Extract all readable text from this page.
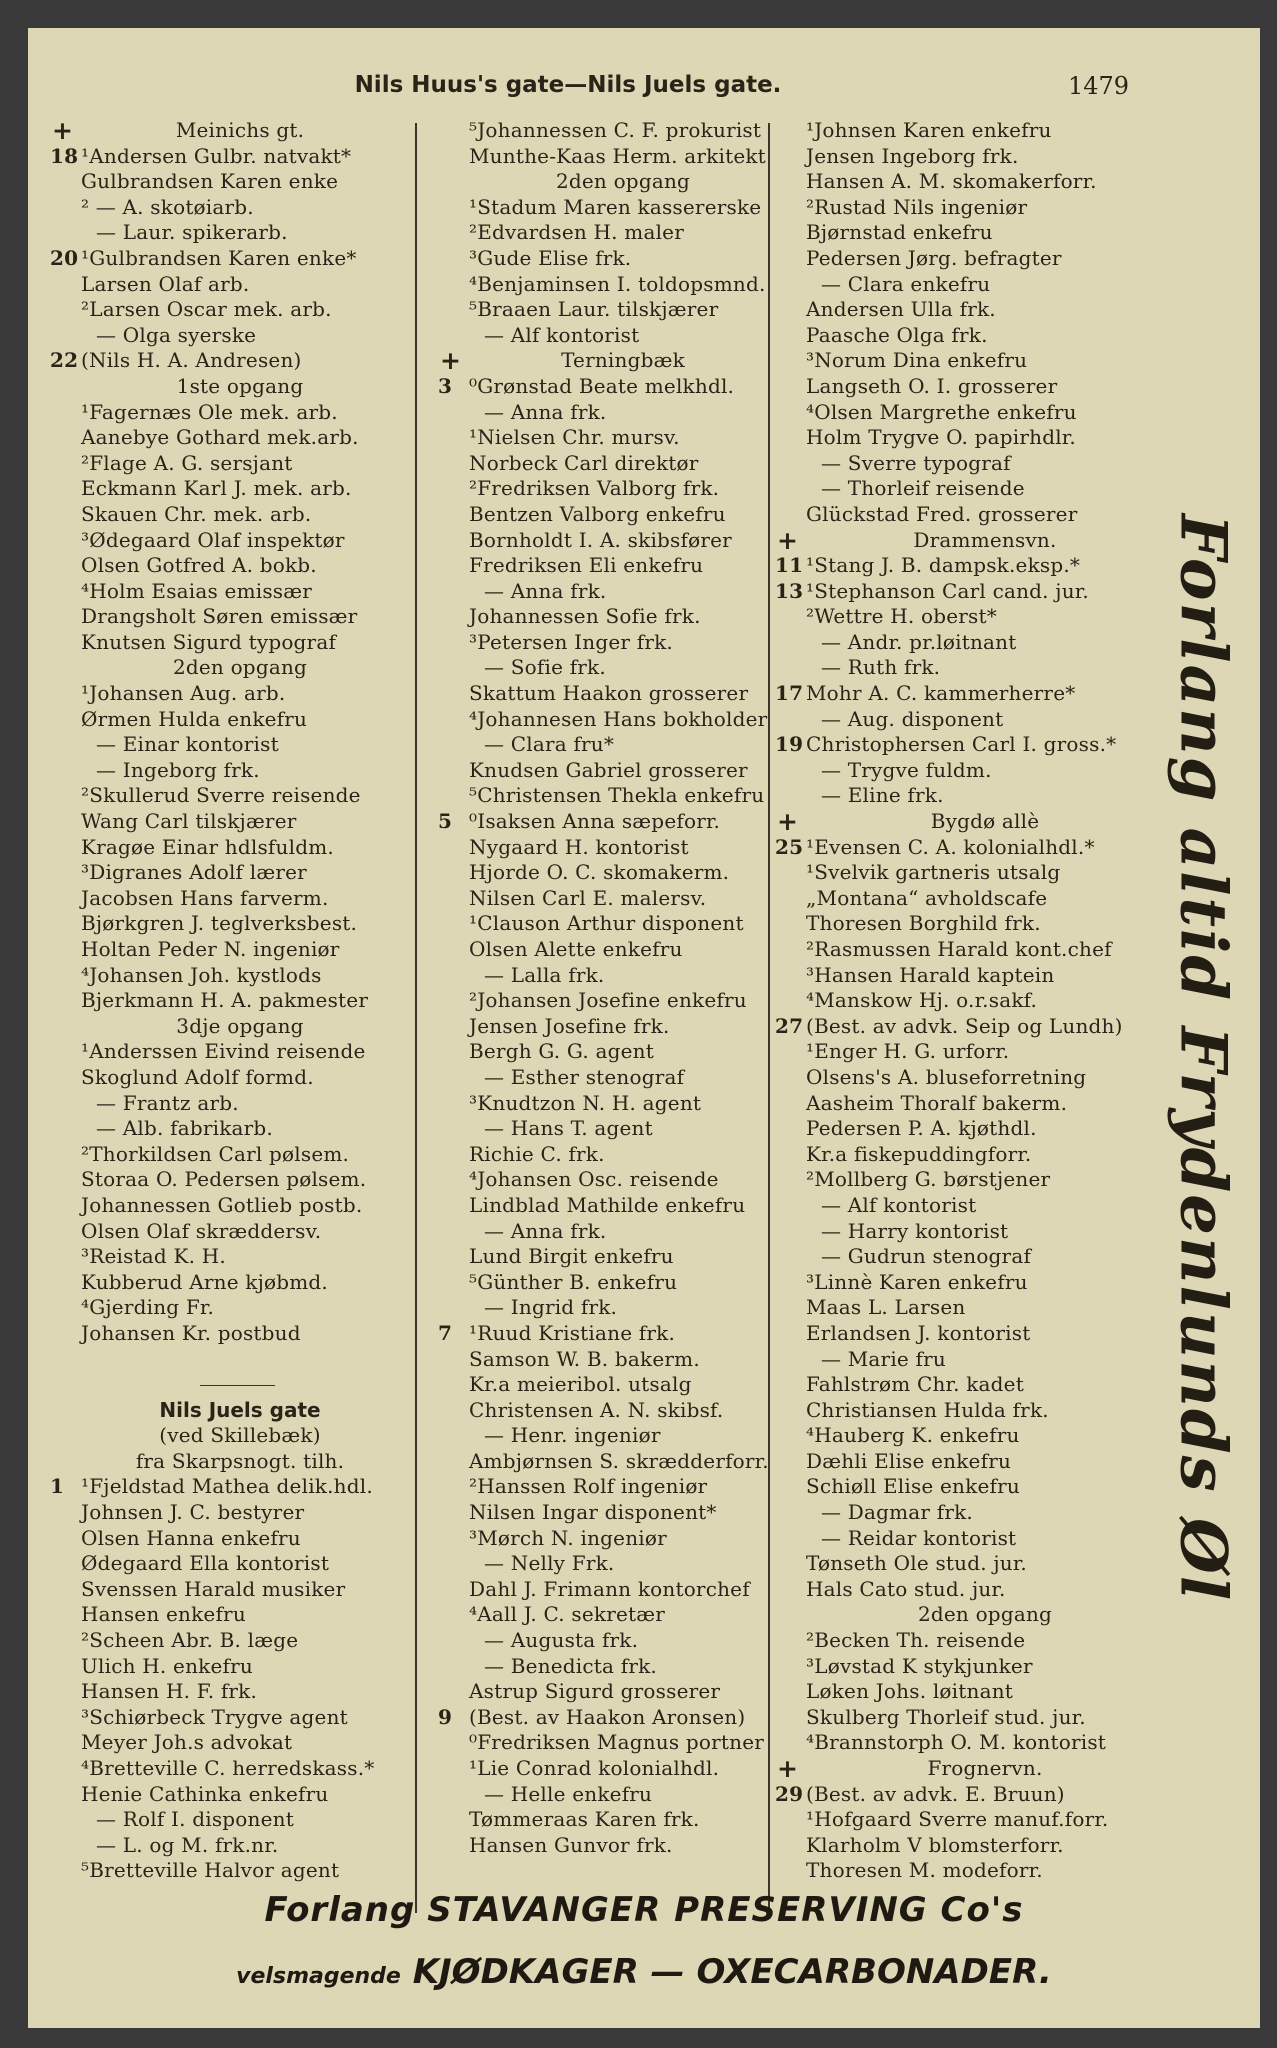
Nils Huus's gate—Nils Juels gate.	1479
+	Meinichs gt.
18 ¹Andersen Gulbr. natvakt*
Gulbrandsen Karen enke
² — A. skotøiarb.
— Laur. spikerarb.
20 ¹Gulbrandsen Karen enke*
Larsen Olaf arb.
²Larsen Oscar mek. arb.
— Olga syerske
22 (Nils H. A. Andresen)
1ste opgang
¹Fagernæs Ole mek. arb.
Aanebye Gothard mek.arb.
²Flage A. G. sersjant
Eckmann Karl J. mek. arb.
Skauen Chr. mek. arb.
³Ødegaard Olaf inspektør
Olsen Gotfred A. bokb.
⁴Holm Esaias emissær
Drangsholt Søren emissær
Knutsen Sigurd typograf
2den opgang
¹Johansen Aug. arb.
Ørmen Hulda enkefru
— Einar kontorist
— Ingeborg frk.
²Skullerud Sverre reisende
Wang Carl tilskjærer
Kragøe Einar hdlsfuldm.
³Digranes Adolf lærer
Jacobsen Hans farverm.
Bjørkgren J. teglverksbest.
Holtan Peder N. ingeniør
⁴Johansen Joh. kystlods
Bjerkmann H. A. pakmester
3dje opgang
¹Anderssen Eivind reisende
Skoglund Adolf formd.
— Frantz arb.
— Alb. fabrikarb.
²Thorkildsen Carl pølsem.
Storaa O. Pedersen pølsem.
Johannessen Gotlieb postb.
Olsen Olaf skræddersv.
³Reistad K. H.
Kubberud Arne kjøbmd.
⁴Gjerding Fr.
Johansen Kr. postbud
Nils Juels gate
(ved Skillebæk)
fra Skarpsnogt. tilh.
1 ¹Fjeldstad Mathea delik.hdl.
Johnsen J. C. bestyrer
Olsen Hanna enkefru
Ødegaard Ella kontorist
Svenssen Harald musiker
Hansen enkefru
²Scheen Abr. B. læge
Ulich H. enkefru
Hansen H. F. frk.
³Schiørbeck Trygve agent
Meyer Joh.s advokat
⁴Bretteville C. herredskass.*
Henie Cathinka enkefru
— Rolf I. disponent
— L. og M. frk.nr.
⁵Bretteville Halvor agent
⁵Johannessen C. F. prokurist
Munthe-Kaas Herm. arkitekt
2den opgang
¹Stadum Maren kassererske
²Edvardsen H. maler
³Gude Elise frk.
⁴Benjaminsen I. toldopsmnd.
⁵Braaen Laur. tilskjærer
— Alf kontorist
+	Terningbæk
3 ⁰Grønstad Beate melkhdl.
— Anna frk.
¹Nielsen Chr. mursv.
Norbeck Carl direktør
²Fredriksen Valborg frk.
Bentzen Valborg enkefru
Bornholdt I. A. skibsfører
Fredriksen Eli enkefru
— Anna frk.
Johannessen Sofie frk.
³Petersen Inger frk.
— Sofie frk.
Skattum Haakon grosserer
⁴Johannesen Hans bokholder
— Clara fru*
Knudsen Gabriel grosserer
⁵Christensen Thekla enkefru
5 ⁰Isaksen Anna sæpeforr.
Nygaard H. kontorist
Hjorde O. C. skomakerm.
Nilsen Carl E. malersv.
¹Clauson Arthur disponent
Olsen Alette enkefru
— Lalla frk.
²Johansen Josefine enkefru
Jensen Josefine frk.
Bergh G. G. agent
— Esther stenograf
³Knudtzon N. H. agent
— Hans T. agent
Richie C. frk.
⁴Johansen Osc. reisende
Lindblad Mathilde enkefru
— Anna frk.
Lund Birgit enkefru
⁵Günther B. enkefru
— Ingrid frk.
7 ¹Ruud Kristiane frk.
Samson W. B. bakerm.
Kr.a meieribol. utsalg
Christensen A. N. skibsf.
— Henr. ingeniør
Ambjørnsen S. skrædderforr.
²Hanssen Rolf ingeniør
Nilsen Ingar disponent*
³Mørch N. ingeniør
— Nelly Frk.
Dahl J. Frimann kontorchef
⁴Aall J. C. sekretær
— Augusta frk.
— Benedicta frk.
Astrup Sigurd grosserer
9 (Best. av Haakon Aronsen)
⁰Fredriksen Magnus portner
¹Lie Conrad kolonialhdl.
— Helle enkefru
Tømmeraas Karen frk.
Hansen Gunvor frk.
¹Johnsen Karen enkefru
Jensen Ingeborg frk.
Hansen A. M. skomakerforr.
²Rustad Nils ingeniør
Bjørnstad enkefru
Pedersen Jørg. befragter
— Clara enkefru
Andersen Ulla frk.
Paasche Olga frk.
³Norum Dina enkefru
Langseth O. I. grosserer
⁴Olsen Margrethe enkefru
Holm Trygve O. papirhdlr.
— Sverre typograf
— Thorleif reisende
Glückstad Fred. grosserer
+	Drammensvn.
11 ¹Stang J. B. dampsk.eksp.*
13 ¹Stephanson Carl cand. jur.
²Wettre H. oberst*
— Andr. pr.løitnant
— Ruth frk.
17 Mohr A. C. kammerherre*
— Aug. disponent
19 Christophersen Carl I. gross.*
— Trygve fuldm.
— Eline frk.
+	Bygdø allè
25 ¹Evensen C. A. kolonialhdl.*
¹Svelvik gartneris utsalg
„Montana“ avholdscafe
Thoresen Borghild frk.
²Rasmussen Harald kont.chef
³Hansen Harald kaptein
⁴Manskow Hj. o.r.sakf.
27 (Best. av advk. Seip og Lundh)
¹Enger H. G. urforr.
Olsens's A. bluseforretning
Aasheim Thoralf bakerm.
Pedersen P. A. kjøthdl.
Kr.a fiskepuddingforr.
²Mollberg G. børstjener
— Alf kontorist
— Harry kontorist
— Gudrun stenograf
³Linnè Karen enkefru
Maas L. Larsen
Erlandsen J. kontorist
— Marie fru
Fahlstrøm Chr. kadet
Christiansen Hulda frk.
⁴Hauberg K. enkefru
Dæhli Elise enkefru
Schiøll Elise enkefru
— Dagmar frk.
— Reidar kontorist
Tønseth Ole stud. jur.
Hals Cato stud. jur.
2den opgang
²Becken Th. reisende
³Løvstad K stykjunker
Løken Johs. løitnant
Skulberg Thorleif stud. jur.
⁴Brannstorph O. M. kontorist
+	Frognervn.
29 (Best. av advk. E. Bruun)
¹Hofgaard Sverre manuf.forr.
Klarholm V blomsterforr.
Thoresen M. modeforr.
Forlang altid Frydenlunds Øl
Forlang STAVANGER PRESERVING Co's
velsmagende KJØDKAGER — OXECARBONADER.
